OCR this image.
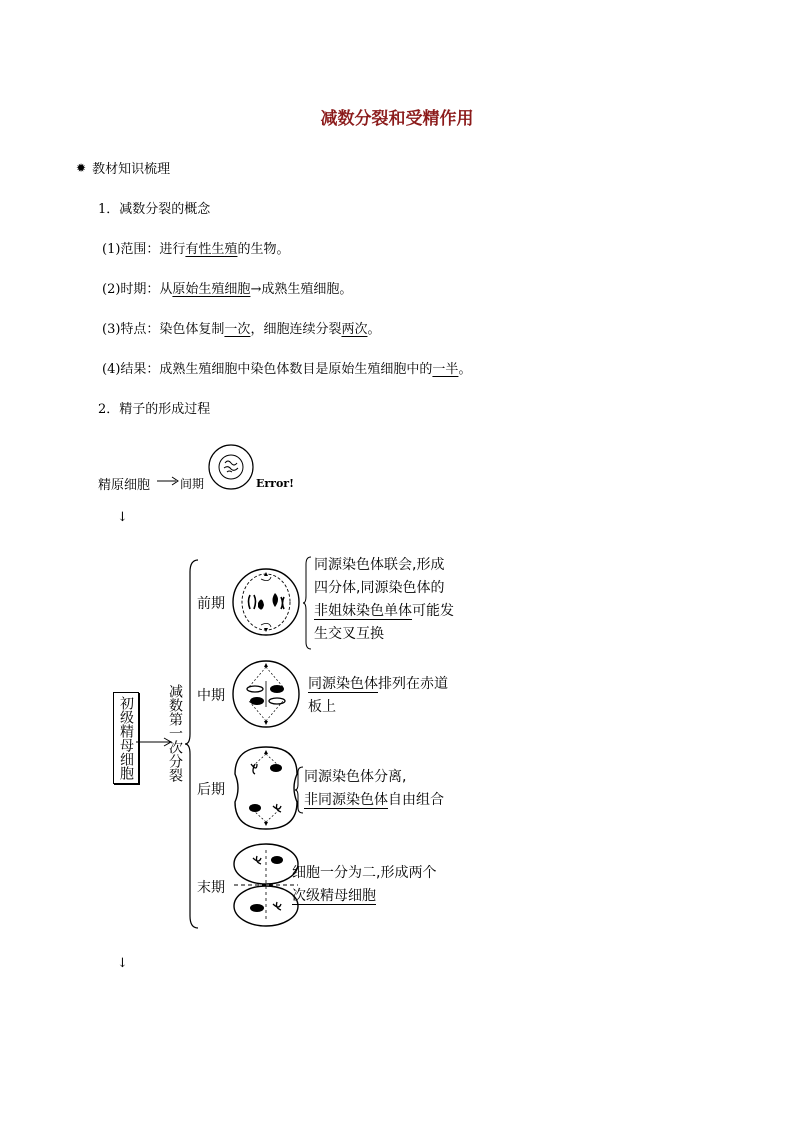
减数分裂和受精作用
✹ 教材知识梳理
1．减数分裂的概念
(1)范围：进行有性生殖的生物。
(2)时期：从原始生殖细胞→成熟生殖细胞。
(3)特点：染色体复制一次，细胞连续分裂两次。
(4)结果：成熟生殖细胞中染色体数目是原始生殖细胞中的一半。
2．精子的形成过程
精原细胞 间期	Error!
↓
初级精母细胞	减数第一次分裂
前期
中期
后期
末期
同源染色体联会,形成
四分体,同源染色体的
非姐妹染色单体可能发
生交叉互换
同源染色体排列在赤道
板上
同源染色体分离,
非同源染色体自由组合
细胞一分为二,形成两个
次级精母细胞
↓
